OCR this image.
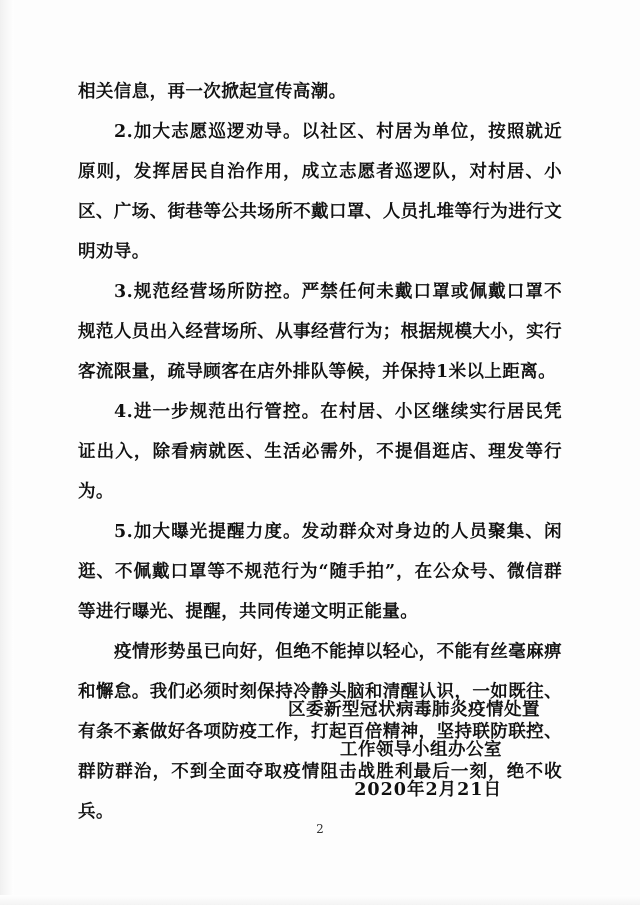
相关信息，再一次掀起宣传高潮。

2.加大志愿巡逻劝导。以社区、村居为单位，按照就近原则，发挥居民自治作用，成立志愿者巡逻队，对村居、小区、广场、街巷等公共场所不戴口罩、人员扎堆等行为进行文明劝导。

3.规范经营场所防控。严禁任何未戴口罩或佩戴口罩不规范人员出入经营场所、从事经营行为；根据规模大小，实行客流限量，疏导顾客在店外排队等候，并保持1米以上距离。

4.进一步规范出行管控。在村居、小区继续实行居民凭证出入，除看病就医、生活必需外，不提倡逛店、理发等行为。

5.加大曝光提醒力度。发动群众对身边的人员聚集、闲逛、不佩戴口罩等不规范行为“随手拍”，在公众号、微信群等进行曝光、提醒，共同传递文明正能量。

疫情形势虽已向好，但绝不能掉以轻心，不能有丝毫麻痹和懈怠。我们必须时刻保持冷静头脑和清醒认识，一如既往、有条不紊做好各项防疫工作，打起百倍精神，坚持联防联控、群防群治，不到全面夺取疫情阻击战胜利最后一刻，绝不收兵。

区委新型冠状病毒肺炎疫情处置
工作领导小组办公室
2020年2月21日
2
